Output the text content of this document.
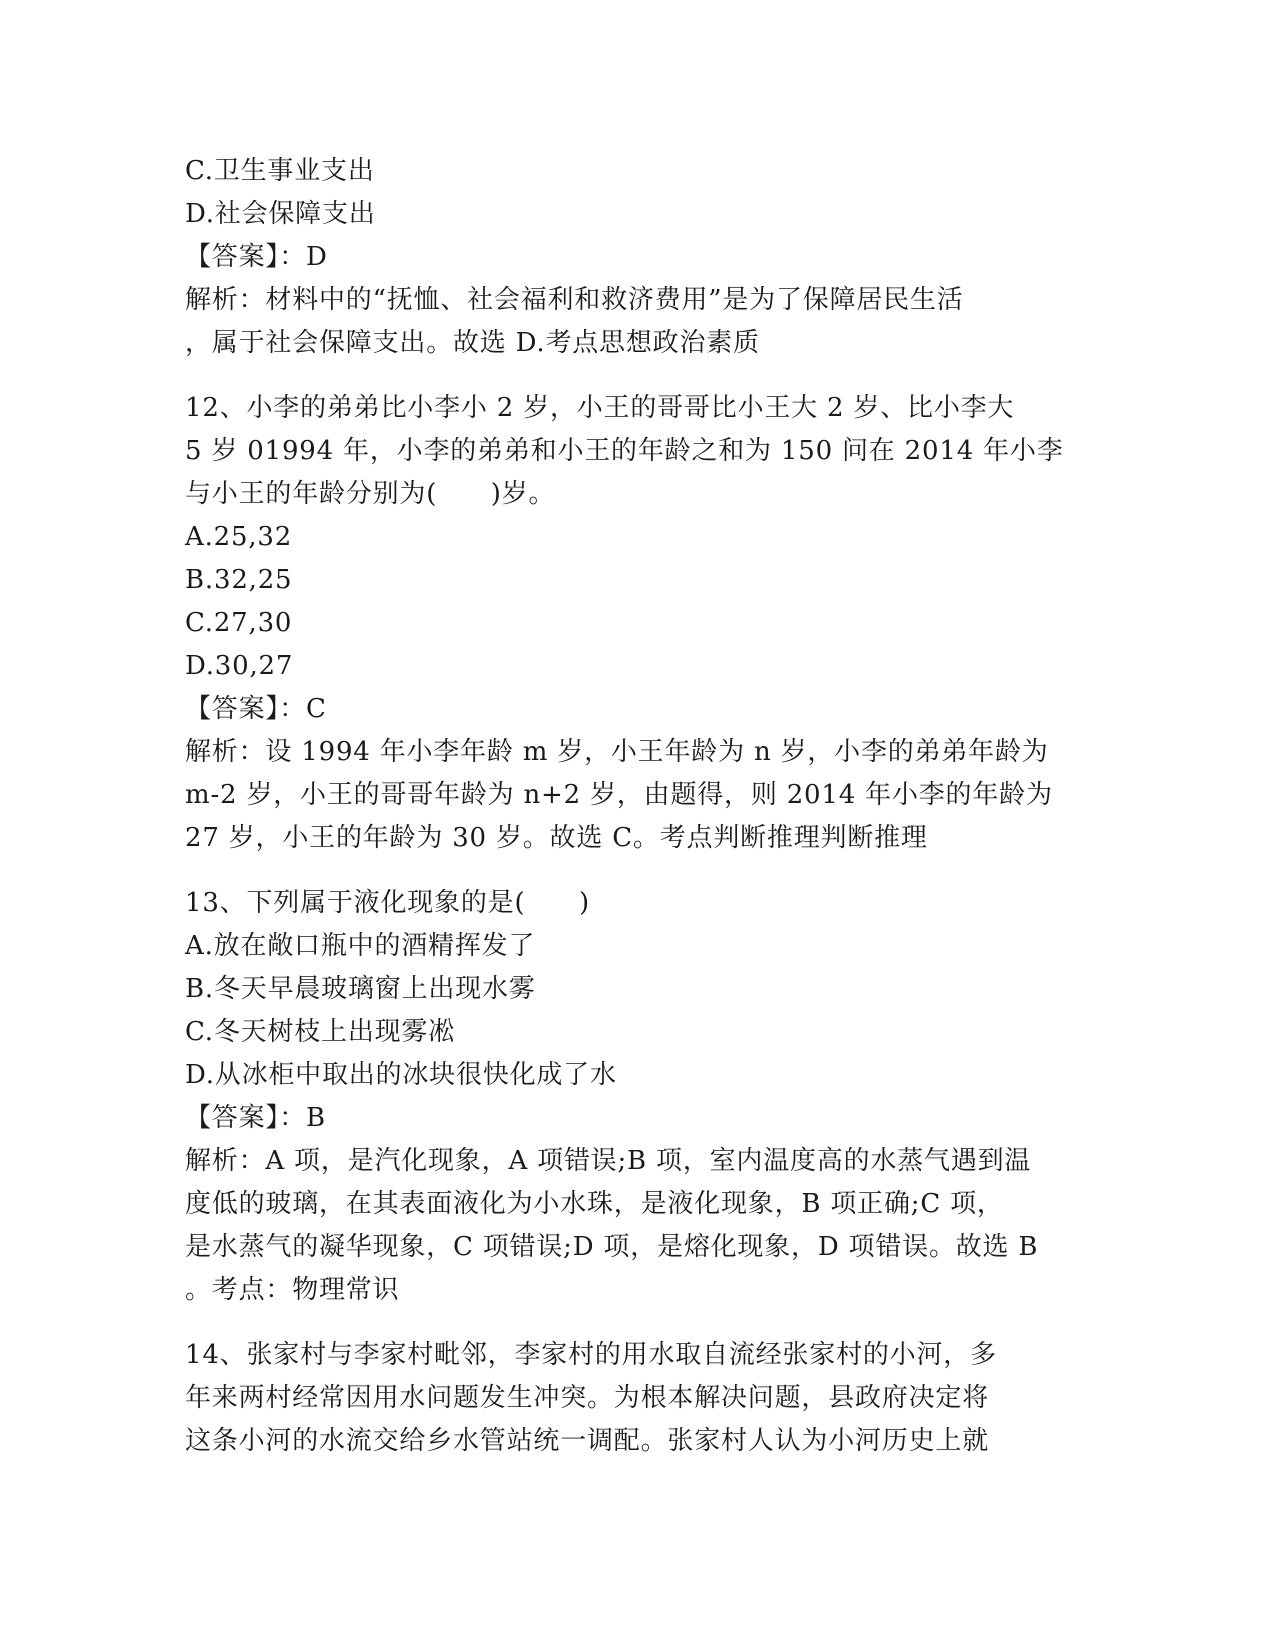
C.卫生事业支出
D.社会保障支出
【答案】：D
解析：材料中的“抚恤、社会福利和救济费用”是为了保障居民生活
，属于社会保障支出。故选 D.考点思想政治素质
12、小李的弟弟比小李小 2 岁，小王的哥哥比小王大 2 岁、比小李大
5 岁 01994 年，小李的弟弟和小王的年龄之和为 150 问在 2014 年小李
与小王的年龄分别为(　　)岁。
A.25,32
B.32,25
C.27,30
D.30,27
【答案】：C
解析：设 1994 年小李年龄 m 岁，小王年龄为 n 岁，小李的弟弟年龄为
m-2 岁，小王的哥哥年龄为 n+2 岁，由题得，则 2014 年小李的年龄为
27 岁，小王的年龄为 30 岁。故选 C。考点判断推理判断推理
13、下列属于液化现象的是(　　)
A.放在敞口瓶中的酒精挥发了
B.冬天早晨玻璃窗上出现水雾
C.冬天树枝上出现雾凇
D.从冰柜中取出的冰块很快化成了水
【答案】：B
解析：A 项，是汽化现象，A 项错误;B 项，室内温度高的水蒸气遇到温
度低的玻璃，在其表面液化为小水珠，是液化现象，B 项正确;C 项，
是水蒸气的凝华现象，C 项错误;D 项，是熔化现象，D 项错误。故选 B
。考点：物理常识
14、张家村与李家村毗邻，李家村的用水取自流经张家村的小河，多
年来两村经常因用水问题发生冲突。为根本解决问题，县政府决定将
这条小河的水流交给乡水管站统一调配。张家村人认为小河历史上就
